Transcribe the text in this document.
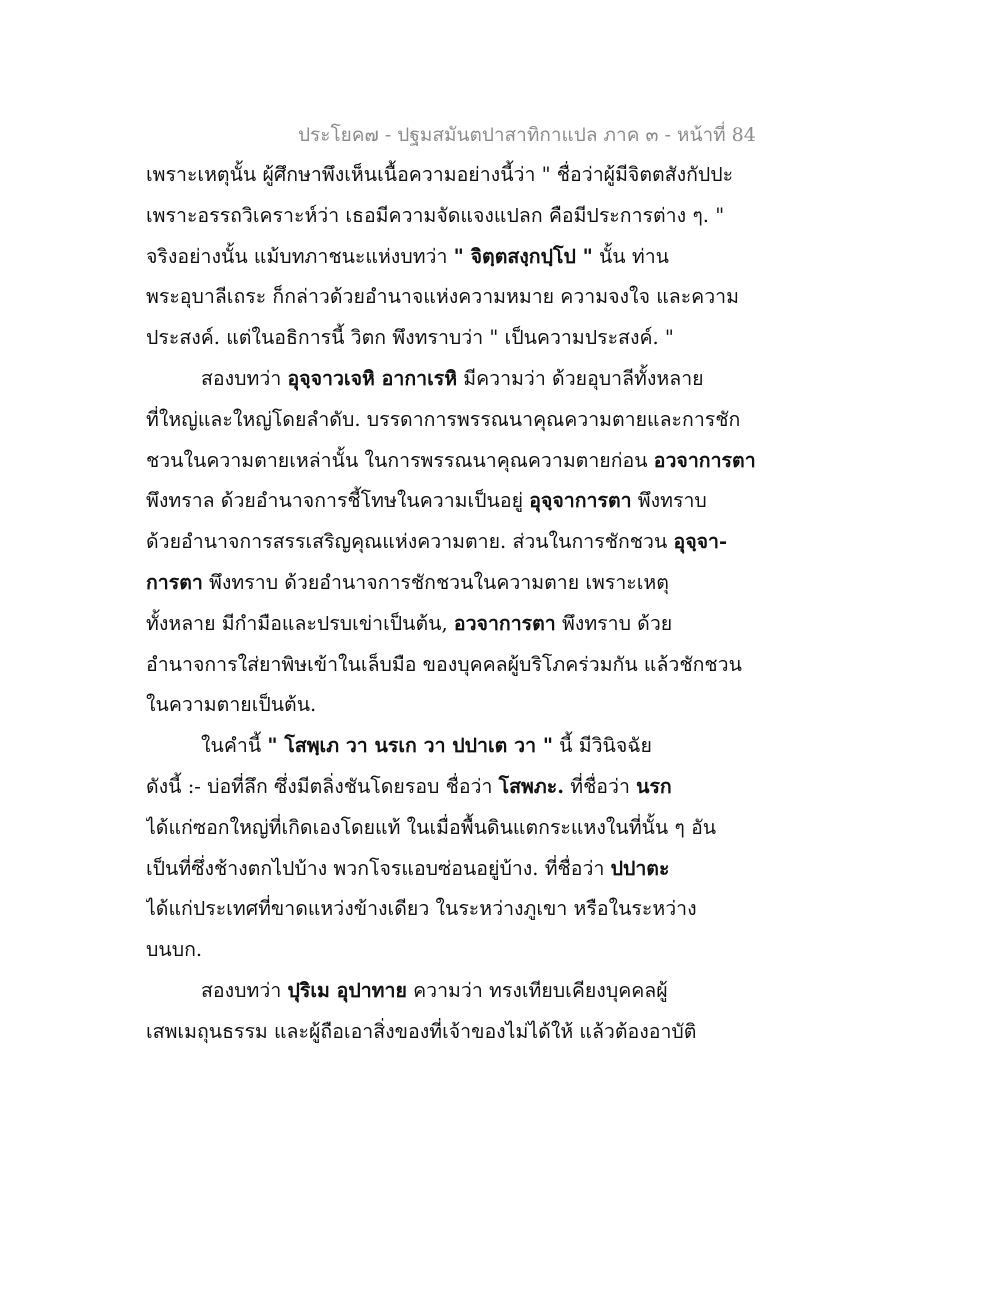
ประโยค๗ - ปฐมสมันตปาสาทิกาแปล ภาค ๓ - หน้าที่ 84
เพราะเหตุนั้น ผู้ศึกษาพึงเห็นเนื้อความอย่างนี้ว่า " ชื่อว่าผู้มีจิตตสังกัปปะ
เพราะอรรถวิเคราะห์ว่า เธอมีความจัดแจงแปลก คือมีประการต่าง ๆ. "
จริงอย่างนั้น แม้บทภาชนะแห่งบทว่า " จิตฺตสงฺกปฺโป " นั้น ท่าน
พระอุบาลีเถระ ก็กล่าวด้วยอำนาจแห่งความหมาย ความจงใจ และความ
ประสงค์. แต่ในอธิการนี้ วิตก พึงทราบว่า " เป็นความประสงค์. "
สองบทว่า อุจฺจาวเจหิ อากาเรหิ มีความว่า ด้วยอุบาลีทั้งหลาย
ที่ใหญ่และใหญ่โดยลำดับ. บรรดาการพรรณนาคุณความตายและการชัก
ชวนในความตายเหล่านั้น ในการพรรณนาคุณความตายก่อน อวจาการตา
พึงทราล ด้วยอำนาจการชี้โทษในความเป็นอยู่ อุจฺจาการตา พึงทราบ
ด้วยอำนาจการสรรเสริญคุณแห่งความตาย. ส่วนในการชักชวน อุจฺจา-
การตา พึงทราบ ด้วยอำนาจการชักชวนในความตาย เพราะเหตุ
ทั้งหลาย มีกำมือและปรบเข่าเป็นต้น, อวจาการตา พึงทราบ ด้วย
อำนาจการใส่ยาพิษเข้าในเล็บมือ ของบุคคลผู้บริโภคร่วมกัน แล้วชักชวน
ในความตายเป็นต้น.
ในคำนี้ " โสพฺเภ วา นรเก วา ปปาเต วา " นี้ มีวินิจฉัย
ดังนี้ :- บ่อที่ลึก ซึ่งมีตลิ่งชันโดยรอบ ชื่อว่า โสพภะ. ที่ชื่อว่า นรก
ได้แก่ซอกใหญ่ที่เกิดเองโดยแท้ ในเมื่อพื้นดินแตกระแหงในที่นั้น ๆ อัน
เป็นที่ซึ่งช้างตกไปบ้าง พวกโจรแอบซ่อนอยู่บ้าง. ที่ชื่อว่า ปปาตะ
ได้แก่ประเทศที่ขาดแหว่งข้างเดียว ในระหว่างภูเขา หรือในระหว่าง
บนบก.
สองบทว่า ปุริเม อุปาทาย ความว่า ทรงเทียบเคียงบุคคลผู้
เสพเมถุนธรรม และผู้ถือเอาสิ่งของที่เจ้าของไม่ได้ให้ แล้วต้องอาบัติ
